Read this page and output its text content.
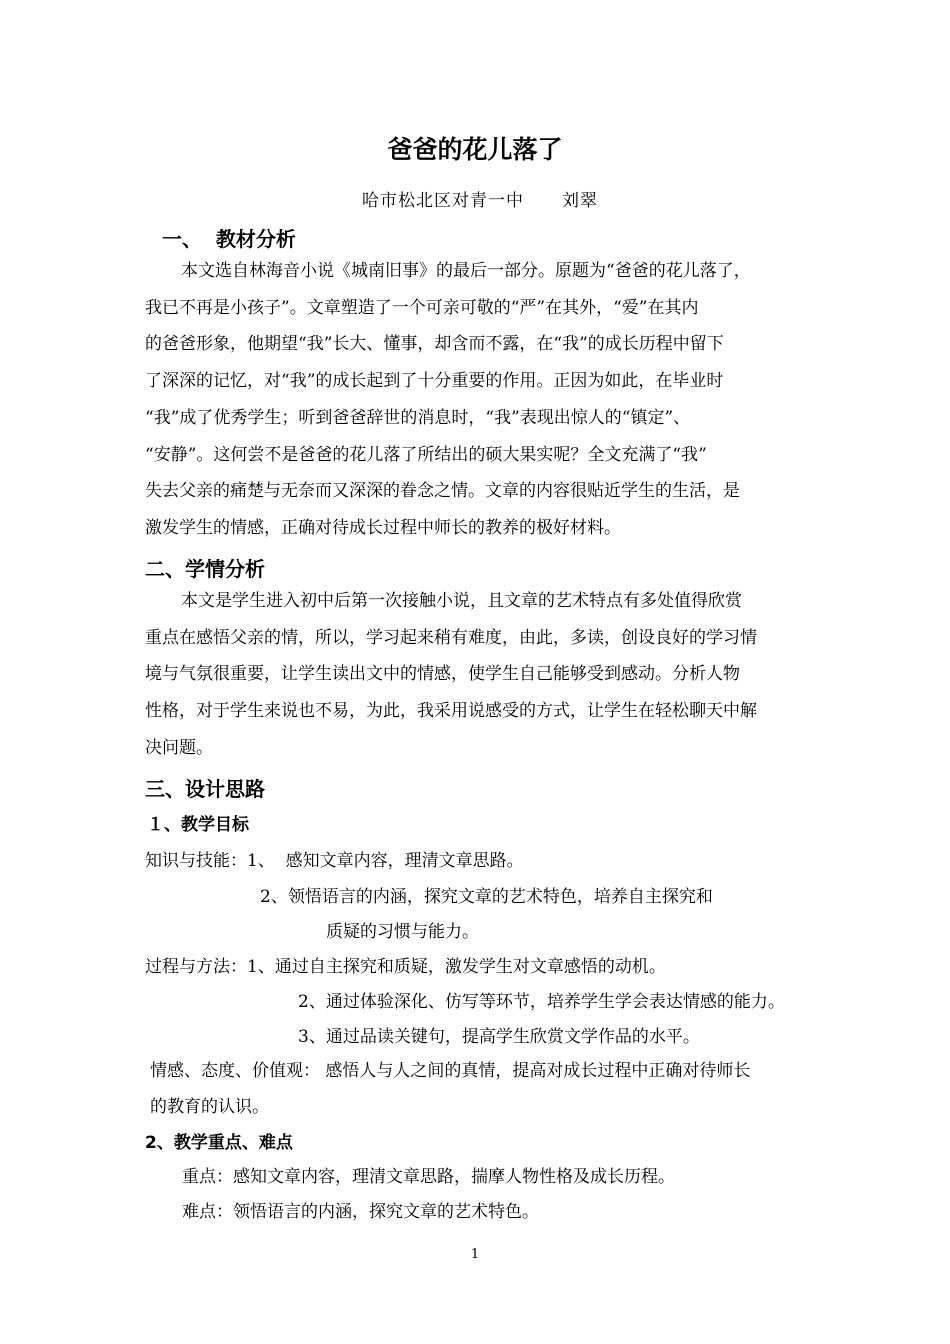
爸爸的花儿落了
哈市松北区对青一中 刘翠
一、  教材分析
本文选自林海音小说《城南旧事》的最后一部分。原题为“爸爸的花儿落了，
我已不再是小孩子”。文章塑造了一个可亲可敬的“严”在其外，“爱”在其内
的爸爸形象，他期望“我”长大、懂事，却含而不露，在“我”的成长历程中留下
了深深的记忆，对“我”的成长起到了十分重要的作用。正因为如此，在毕业时
“我”成了优秀学生；听到爸爸辞世的消息时，“我”表现出惊人的“镇定”、
“安静”。这何尝不是爸爸的花儿落了所结出的硕大果实呢？全文充满了“我”
失去父亲的痛楚与无奈而又深深的眷念之情。文章的内容很贴近学生的生活，是
激发学生的情感，正确对待成长过程中师长的教养的极好材料。
二、学情分析
本文是学生进入初中后第一次接触小说，且文章的艺术特点有多处值得欣赏
重点在感悟父亲的情，所以，学习起来稍有难度，由此，多读，创设良好的学习情
境与气氛很重要，让学生读出文中的情感，使学生自己能够受到感动。分析人物
性格，对于学生来说也不易，为此，我采用说感受的方式，让学生在轻松聊天中解
决问题。
三、设计思路
１、教学目标
知识与技能：1、  感知文章内容，理清文章思路。
2、领悟语言的内涵，探究文章的艺术特色，培养自主探究和
质疑的习惯与能力。
过程与方法：1、通过自主探究和质疑，激发学生对文章感悟的动机。
2、通过体验深化、仿写等环节，培养学生学会表达情感的能力。
3、通过品读关键句，提高学生欣赏文学作品的水平。
情感、态度、价值观： 感悟人与人之间的真情，提高对成长过程中正确对待师长
的教育的认识。
2、教学重点、难点
重点：感知文章内容，理清文章思路，揣摩人物性格及成长历程。
难点：领悟语言的内涵，探究文章的艺术特色。
1
